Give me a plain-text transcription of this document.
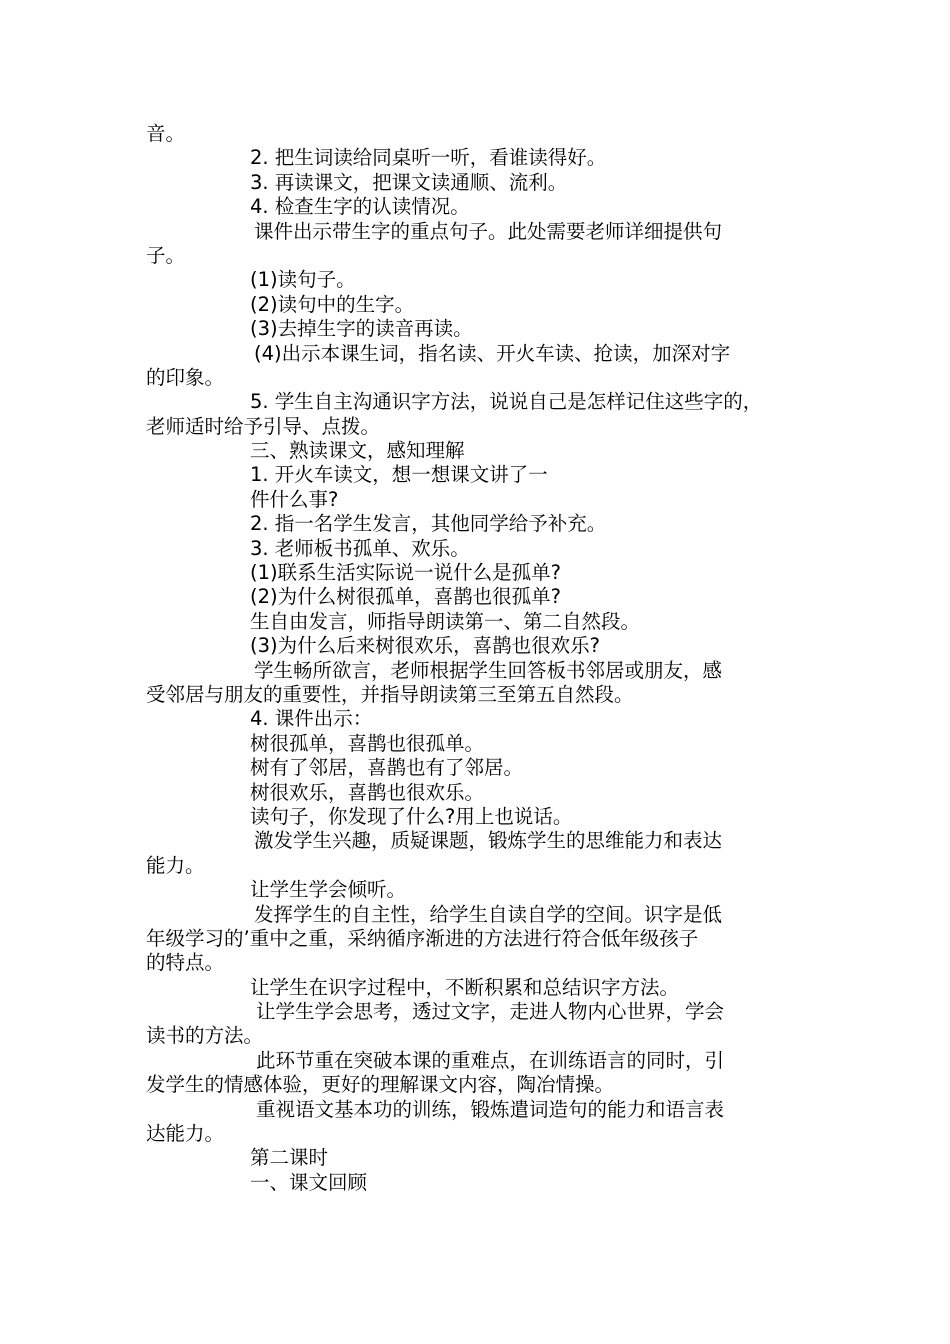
音。

2. 把生词读给同桌听一听，看谁读得好。

3. 再读课文，把课文读通顺、流利。

4. 检查生字的认读情况。

课件出示带生字的重点句子。此处需要老师详细提供句

子。

(1)读句子。

(2)读句中的生字。

(3)去掉生字的读音再读。

(4)出示本课生词，指名读、开火车读、抢读，加深对字

的印象。

5. 学生自主沟通识字方法，说说自己是怎样记住这些字的，

老师适时给予引导、点拨。

三、熟读课文，感知理解

1. 开火车读文，想一想课文讲了一

件什么事?

2. 指一名学生发言，其他同学给予补充。

3. 老师板书孤单、欢乐。

(1)联系生活实际说一说什么是孤单?

(2)为什么树很孤单，喜鹊也很孤单?

生自由发言，师指导朗读第一、第二自然段。

(3)为什么后来树很欢乐，喜鹊也很欢乐?

学生畅所欲言，老师根据学生回答板书邻居或朋友，感

受邻居与朋友的重要性，并指导朗读第三至第五自然段。

4. 课件出示：

树很孤单，喜鹊也很孤单。

树有了邻居，喜鹊也有了邻居。

树很欢乐，喜鹊也很欢乐。

读句子，你发现了什么?用上也说话。

激发学生兴趣，质疑课题，锻炼学生的思维能力和表达

能力。

让学生学会倾听。

发挥学生的自主性，给学生自读自学的空间。识字是低

年级学习的’重中之重，采纳循序渐进的方法进行符合低年级孩子

的特点。

让学生在识字过程中，不断积累和总结识字方法。

让学生学会思考，透过文字，走进人物内心世界，学会

读书的方法。

此环节重在突破本课的重难点，在训练语言的同时，引

发学生的情感体验，更好的理解课文内容，陶冶情操。

重视语文基本功的训练，锻炼遣词造句的能力和语言表

达能力。

第二课时

一、课文回顾
